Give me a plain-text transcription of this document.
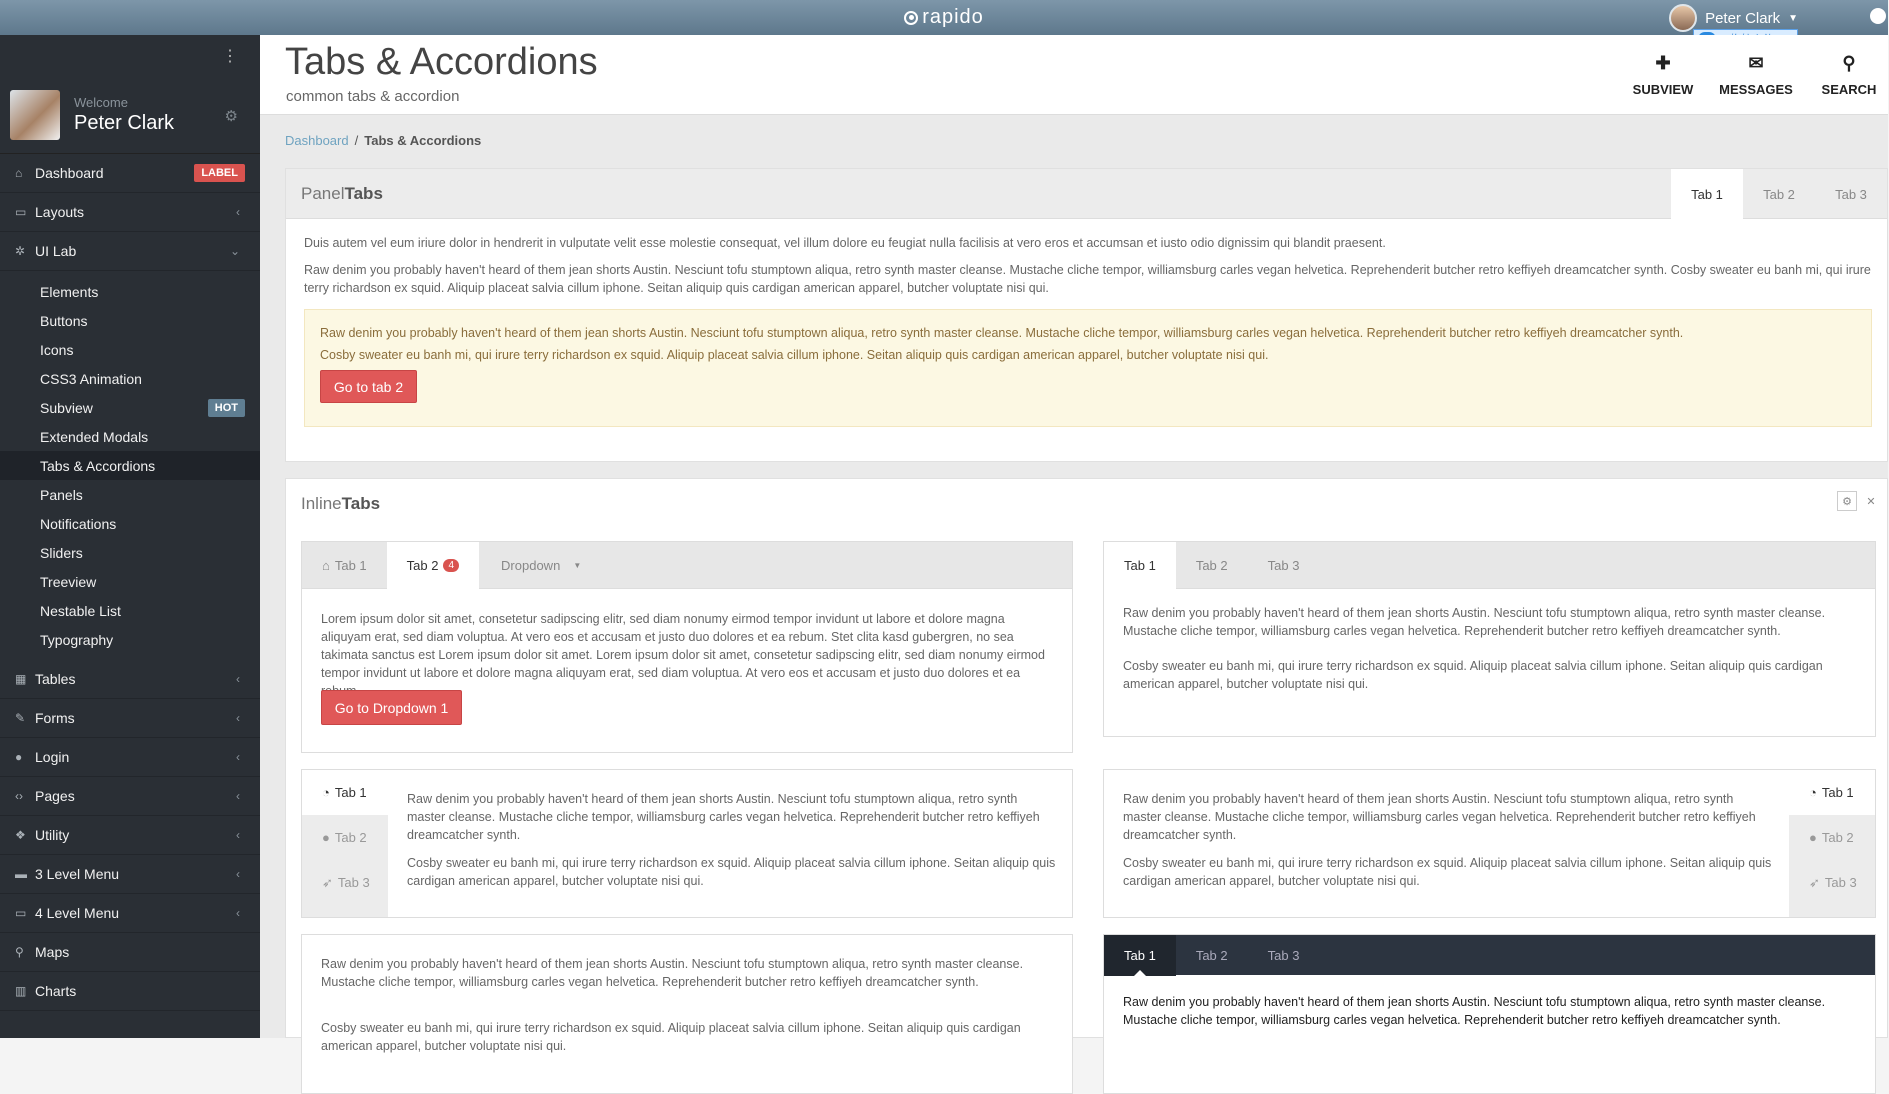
rapido	Peter Clark ▼
⋮
Welcome
Peter Clark	⚙
⌂ Dashboard	LABEL
▭ Layouts	‹
✲ UI Lab	⌄
Elements
Buttons
Icons
CSS3 Animation
Subview	HOT
Extended Modals
Tabs & Accordions
Panels
Notifications
Sliders
Treeview
Nestable List
Typography
▦ Tables	‹
✎ Forms	‹
● Login	‹
‹› Pages	‹
❖ Utility	‹
▬ 3 Level Menu	‹
▭ 4 Level Menu	‹
⚲ Maps
▥ Charts
Tabs & Accordions
common tabs & accordion
✚
SUBVIEW
✉
MESSAGES
⚲
SEARCH
Dashboard / Tabs & Accordions
Panel Tabs	Tab 1	Tab 2	Tab 3

Duis autem vel eum iriure dolor in hendrerit in vulputate velit esse molestie consequat, vel illum dolore eu feugiat nulla facilisis at vero eros et accumsan et iusto odio dignissim qui blandit praesent.

Raw denim you probably haven't heard of them jean shorts Austin. Nesciunt tofu stumptown aliqua, retro synth master cleanse. Mustache cliche tempor, williamsburg carles vegan helvetica. Reprehenderit butcher retro keffiyeh dreamcatcher synth. Cosby sweater eu banh mi, qui irure terry richardson ex squid. Aliquip placeat salvia cillum iphone. Seitan aliquip quis cardigan american apparel, butcher voluptate nisi qui.

Raw denim you probably haven't heard of them jean shorts Austin. Nesciunt tofu stumptown aliqua, retro synth master cleanse. Mustache cliche tempor, williamsburg carles vegan helvetica. Reprehenderit butcher retro keffiyeh dreamcatcher synth.

Cosby sweater eu banh mi, qui irure terry richardson ex squid. Aliquip placeat salvia cillum iphone. Seitan aliquip quis cardigan american apparel, butcher voluptate nisi qui.

Go to tab 2
Inline Tabs	⚙	✕
⌂ Tab 1	Tab 2	4	Dropdown ▼

Lorem ipsum dolor sit amet, consetetur sadipscing elitr, sed diam nonumy eirmod tempor invidunt ut labore et dolore magna aliquyam erat, sed diam voluptua. At vero eos et accusam et justo duo dolores et ea rebum. Stet clita kasd gubergren, no sea takimata sanctus est Lorem ipsum dolor sit amet. Lorem ipsum dolor sit amet, consetetur sadipscing elitr, sed diam nonumy eirmod tempor invidunt ut labore et dolore magna aliquyam erat, sed diam voluptua. At vero eos et accusam et justo duo dolores et ea

Go to Dropdown 1
Tab 1	Tab 2	Tab 3

Raw denim you probably haven't heard of them jean shorts Austin. Nesciunt tofu stumptown aliqua, retro synth master cleanse. Mustache cliche tempor, williamsburg carles vegan helvetica. Reprehenderit butcher retro keffiyeh dreamcatcher synth.

Cosby sweater eu banh mi, qui irure terry richardson ex squid. Aliquip placeat salvia cillum iphone. Seitan aliquip quis cardigan american apparel, butcher voluptate nisi qui.

◔ Tab 1
● Tab 2
➶ Tab 3

Raw denim you probably haven't heard of them jean shorts Austin. Nesciunt tofu stumptown aliqua, retro synth master cleanse. Mustache cliche tempor, williamsburg carles vegan helvetica. Reprehenderit butcher retro keffiyeh dreamcatcher synth.

Cosby sweater eu banh mi, qui irure terry richardson ex squid. Aliquip placeat salvia cillum iphone. Seitan aliquip quis cardigan american apparel, butcher voluptate nisi qui.

Raw denim you probably haven't heard of them jean shorts Austin. Nesciunt tofu stumptown aliqua, retro synth master cleanse. Mustache cliche tempor, williamsburg carles vegan helvetica. Reprehenderit butcher retro keffiyeh dreamcatcher synth.

Cosby sweater eu banh mi, qui irure terry richardson ex squid. Aliquip placeat salvia cillum iphone. Seitan aliquip quis cardigan american apparel, butcher voluptate nisi qui.

◔ Tab 1
● Tab 2
➶ Tab 3

Raw denim you probably haven't heard of them jean shorts Austin. Nesciunt tofu stumptown aliqua, retro synth master cleanse. Mustache cliche tempor, williamsburg carles vegan helvetica. Reprehenderit butcher retro keffiyeh dreamcatcher synth.

Cosby sweater eu banh mi, qui irure terry richardson ex squid. Aliquip placeat salvia cillum iphone. Seitan aliquip quis cardigan american apparel, butcher voluptate nisi qui.

Tab 1	Tab 2	Tab 3

Raw denim you probably haven't heard of them jean shorts Austin. Nesciunt tofu stumptown aliqua, retro synth master cleanse. Mustache cliche tempor, williamsburg carles vegan helvetica. Reprehenderit butcher retro keffiyeh dreamcatcher synth.
